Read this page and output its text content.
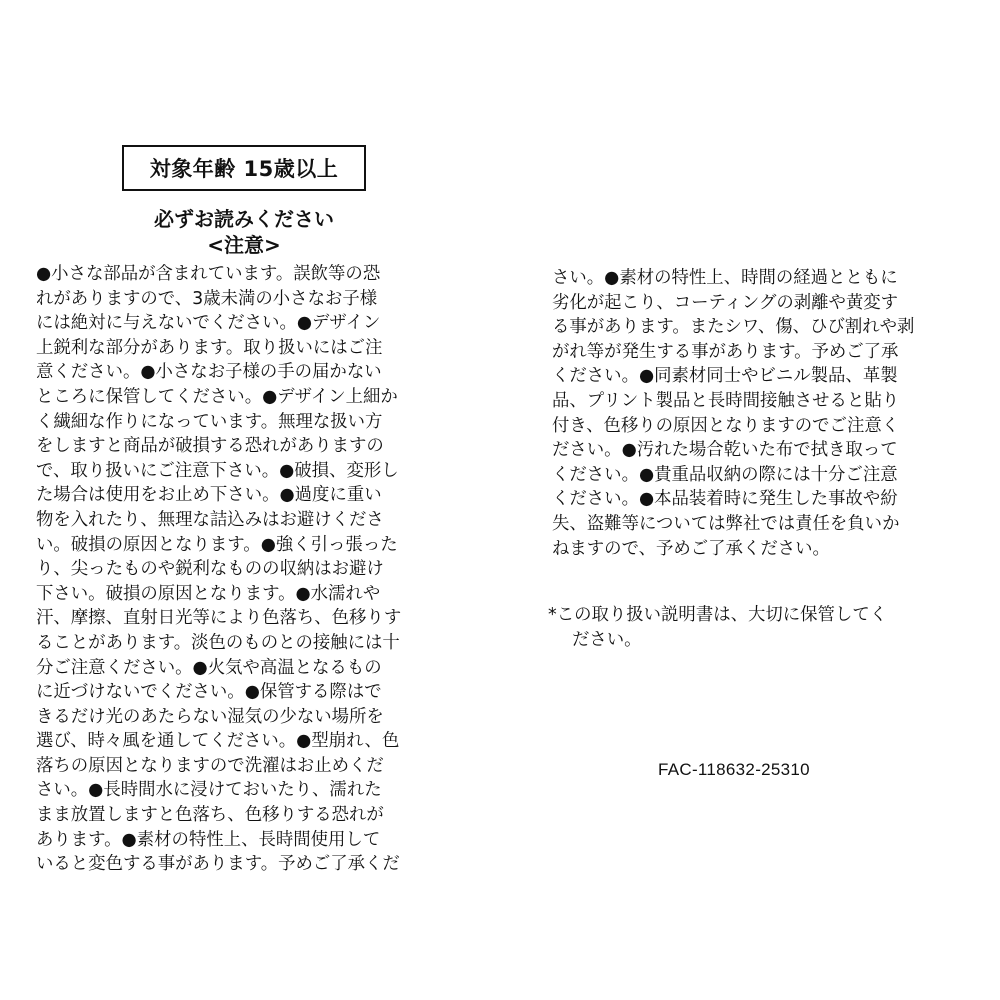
対象年齢 15歳以上
必ずお読みください
<注意>
●小さな部品が含まれています。誤飲等の恐
れがありますので、3歳未満の小さなお子様
には絶対に与えないでください。●デザイン
上鋭利な部分があります。取り扱いにはご注
意ください。●小さなお子様の手の届かない
ところに保管してください。●デザイン上細か
く繊細な作りになっています。無理な扱い方
をしますと商品が破損する恐れがありますの
で、取り扱いにご注意下さい。●破損、変形し
た場合は使用をお止め下さい。●過度に重い
物を入れたり、無理な詰込みはお避けくださ
い。破損の原因となります。●強く引っ張った
り、尖ったものや鋭利なものの収納はお避け
下さい。破損の原因となります。●水濡れや
汗、摩擦、直射日光等により色落ち、色移りす
ることがあります。淡色のものとの接触には十
分ご注意ください。●火気や高温となるもの
に近づけないでください。●保管する際はで
きるだけ光のあたらない湿気の少ない場所を
選び、時々風を通してください。●型崩れ、色
落ちの原因となりますので洗濯はお止めくだ
さい。●長時間水に浸けておいたり、濡れた
まま放置しますと色落ち、色移りする恐れが
あります。●素材の特性上、長時間使用して
いると変色する事があります。予めご了承くだ
さい。●素材の特性上、時間の経過とともに
劣化が起こり、コーティングの剥離や黄変す
る事があります。またシワ、傷、ひび割れや剥
がれ等が発生する事があります。予めご了承
ください。●同素材同士やビニル製品、革製
品、プリント製品と長時間接触させると貼り
付き、色移りの原因となりますのでご注意く
ださい。●汚れた場合乾いた布で拭き取って
ください。●貴重品収納の際には十分ご注意
ください。●本品装着時に発生した事故や紛
失、盗難等については弊社では責任を負いか
ねますので、予めご了承ください。
*この取り扱い説明書は、大切に保管してく
ださい。
FAC-118632-25310
